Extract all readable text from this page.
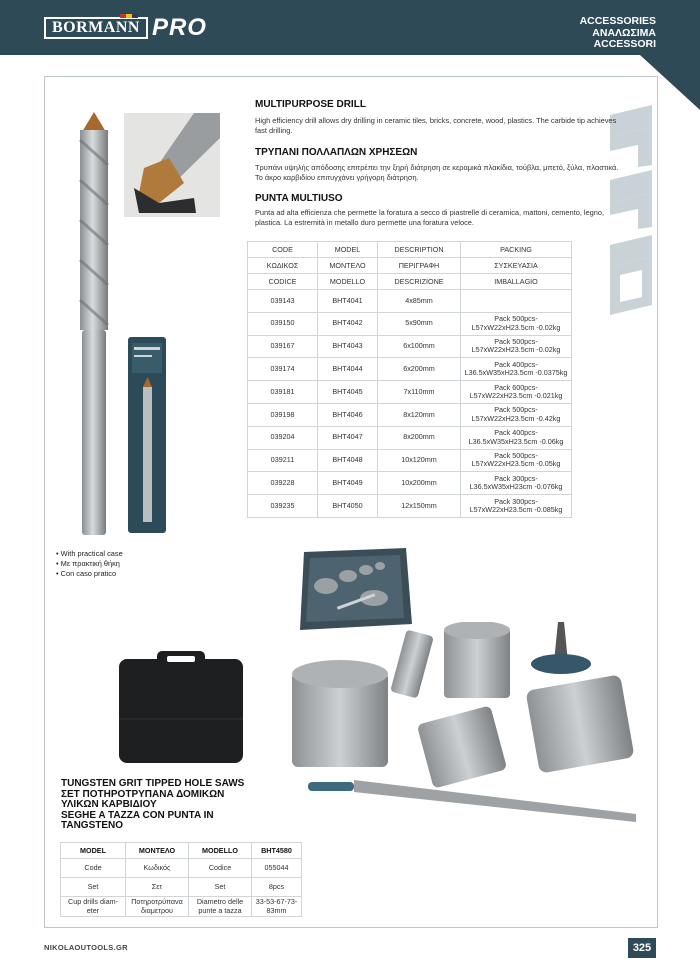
BORMANN PRO	ACCESSORIES
ΑΝΑΛΩΣΙΜΑ
ACCESSORI
MULTIPURPOSE DRILL
High efficiency drill allows dry drilling in ceramic tiles, bricks, concrete, wood, plastics. The carbide tip achieves fast drilling.
ΤΡΥΠΑΝΙ ΠΟΛΛΑΠΛΩΝ ΧΡΗΣΕΩΝ
Τρυπάνι υψηλής απόδοσης επιτρέπει την ξηρή διάτρηση σε κεραμικά πλακίδια, τούβλα, μπετό, ξύλα, πλαστικά. Το άκρο καρβιδίου επιτυγχάνει γρήγορη διάτρηση.
PUNTA MULTIUSO
Punta ad alta efficienza che permette la foratura a secco di piastrelle di ceramica, mattoni, cemento, legno, plastica. La estremità in metallo duro permette una foratura veloce.
CODE	MODEL	DESCRIPTION	PACKING
ΚΩΔΙΚΟΣ	ΜΟΝΤΕΛΟ	ΠΕΡΙΓΡΑΦΗ	ΣΥΣΚΕΥΑΣΙΑ
CODICE	MODELLO	DESCRIZIONE	IMBALLAGIO
039143	BHT4041	4x85mm	
039150	BHT4042	5x90mm	Pack 500pcs-L57xW22xH23.5cm -0.02kg
039167	BHT4043	6x100mm	Pack 500pcs-L57xW22xH23.5cm -0.02kg
039174	BHT4044	6x200mm	Pack 400pcs- L36.5xW35xH23.5cm -0.0375kg
039181	BHT4045	7x110mm	Pack 600pcs-L57xW22xH23.5cm -0.021kg
039198	BHT4046	8x120mm	Pack 500pcs-L57xW22xH23.5cm -0.42kg
039204	BHT4047	8x200mm	Pack 400pcs- L36.5xW35xH23.5cm -0.06kg
039211	BHT4048	10x120mm	Pack 500pcs-L57xW22xH23.5cm -0.05kg
039228	BHT4049	10x200mm	Pack 300pcs-L36.5xW35xH23cm -0.076kg
039235	BHT4050	12x150mm	Pack 300pcs-L57xW22xH23.5cm -0.085kg
• With practical case
• Με πρακτική θήκη
• Con caso pratico
TUNGSTEN GRIT TIPPED HOLE SAWS
ΣΕΤ ΠΟΤΗΡΟΤΡΥΠΑΝΑ ΔΟΜΙΚΩΝ
ΥΛΙΚΩΝ ΚΑΡΒΙΔΙΟΥ
SEGHE A TAZZA CON PUNTA IN
TANGSTENO
MODEL	ΜΟΝΤΕΛΟ	MODELLO	BHT4580
Code	Κωδικός	Codice	055044
Set	Σετ	Set	8pcs
Cup drills diam-eter	Ποτηροτρύπανα διαμετρου	Diametro delle punte a tazza	33-53-67-73-83mm
NIKOLAOUTOOLS.GR	325
